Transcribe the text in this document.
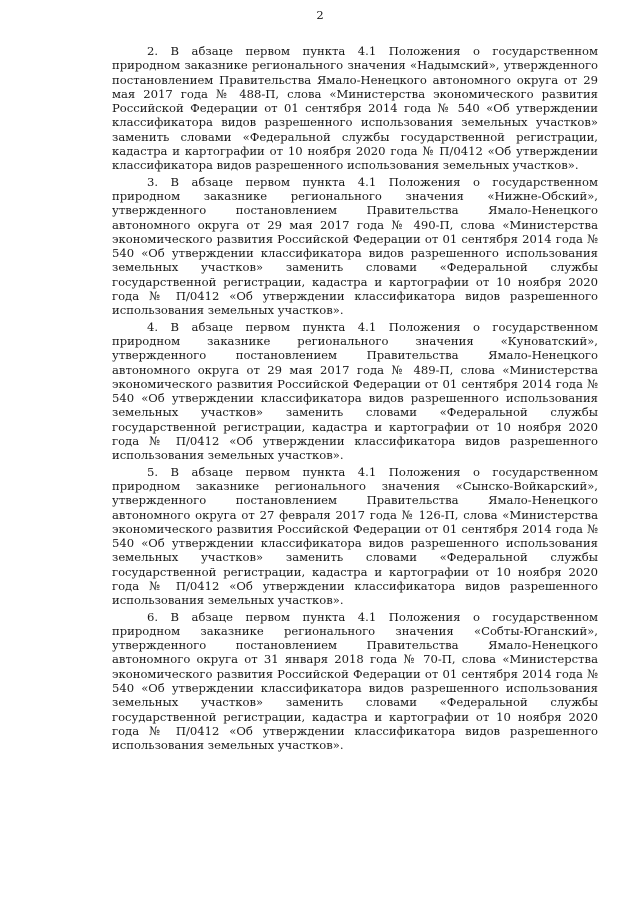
2

2. В абзаце первом пункта 4.1 Положения о государственном природном заказнике регионального значения «Надымский», утвержденного постановлением Правительства Ямало-Ненецкого автономного округа от 29 мая 2017 года № 488-П, слова «Министерства экономического развития Российской Федерации от 01 сентября 2014 года № 540 «Об утверждении классификатора видов разрешенного использования земельных участков» заменить словами «Федеральной службы государственной регистрации, кадастра и картографии от 10 ноября 2020 года № П/0412 «Об утверждении классификатора видов разрешенного использования земельных участков».

3. В абзаце первом пункта 4.1 Положения о государственном природном заказнике регионального значения «Нижне-Обский», утвержденного постановлением Правительства Ямало-Ненецкого автономного округа от 29 мая 2017 года № 490-П, слова «Министерства экономического развития Российской Федерации от 01 сентября 2014 года № 540 «Об утверждении классификатора видов разрешенного использования земельных участков» заменить словами «Федеральной службы государственной регистрации, кадастра и картографии от 10 ноября 2020 года № П/0412 «Об утверждении классификатора видов разрешенного использования земельных участков».

4. В абзаце первом пункта 4.1 Положения о государственном природном заказнике регионального значения «Куноватский», утвержденного постановлением Правительства Ямало-Ненецкого автономного округа от 29 мая 2017 года № 489-П, слова «Министерства экономического развития Российской Федерации от 01 сентября 2014 года № 540 «Об утверждении классификатора видов разрешенного использования земельных участков» заменить словами «Федеральной службы государственной регистрации, кадастра и картографии от 10 ноября 2020 года № П/0412 «Об утверждении классификатора видов разрешенного использования земельных участков».

5. В абзаце первом пункта 4.1 Положения о государственном природном заказнике регионального значения «Сынско-Войкарский», утвержденного постановлением Правительства Ямало-Ненецкого автономного округа от 27 февраля 2017 года № 126-П, слова «Министерства экономического развития Российской Федерации от 01 сентября 2014 года № 540 «Об утверждении классификатора видов разрешенного использования земельных участков» заменить словами «Федеральной службы государственной регистрации, кадастра и картографии от 10 ноября 2020 года № П/0412 «Об утверждении классификатора видов разрешенного использования земельных участков».

6. В абзаце первом пункта 4.1 Положения о государственном природном заказнике регионального значения «Собты-Юганский», утвержденного постановлением Правительства Ямало-Ненецкого автономного округа от 31 января 2018 года № 70-П, слова «Министерства экономического развития Российской Федерации от 01 сентября 2014 года № 540 «Об утверждении классификатора видов разрешенного использования земельных участков» заменить словами «Федеральной службы государственной регистрации, кадастра и картографии от 10 ноября 2020 года № П/0412 «Об утверждении классификатора видов разрешенного использования земельных участков».
